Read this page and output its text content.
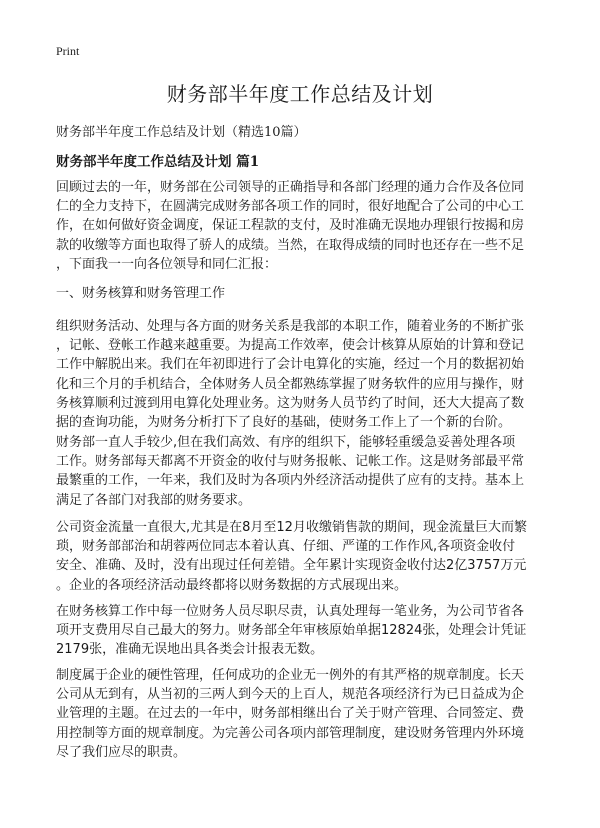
Print
财务部半年度工作总结及计划

财务部半年度工作总结及计划（精选10篇）

财务部半年度工作总结及计划 篇1

回顾过去的一年，财务部在公司领导的正确指导和各部门经理的通力合作及各位同
仁的全力支持下，在圆满完成财务部各项工作的同时，很好地配合了公司的中心工
作，在如何做好资金调度，保证工程款的支付，及时准确无误地办理银行按揭和房
款的收缴等方面也取得了骄人的成绩。当然，在取得成绩的同时也还存在一些不足
，下面我一一向各位领导和同仁汇报：

一、财务核算和财务管理工作

组织财务活动、处理与各方面的财务关系是我部的本职工作，随着业务的不断扩张
，记帐、登帐工作越来越重要。为提高工作效率，使会计核算从原始的计算和登记
工作中解脱出来。我们在年初即进行了会计电算化的实施，经过一个月的数据初始
化和三个月的手机结合，全体财务人员全都熟练掌握了财务软件的应用与操作，财
务核算顺利过渡到用电算化处理业务。这为财务人员节约了时间，还大大提高了数
据的查询功能，为财务分析打下了良好的基础，使财务工作上了一个新的台阶。

财务部一直人手较少,但在我们高效、有序的组织下，能够轻重缓急妥善处理各项
工作。财务部每天都离不开资金的收付与财务报帐、记帐工作。这是财务部最平常
最繁重的工作，一年来，我们及时为各项内外经济活动提供了应有的支持。基本上
满足了各部门对我部的财务要求。

公司资金流量一直很大,尤其是在8月至12月收缴销售款的期间，现金流量巨大而繁
琐，财务部部治和胡蓉两位同志本着认真、仔细、严谨的工作作风,各项资金收付
安全、准确、及时，没有出现过任何差错。全年累计实现资金收付达2亿3757万元
。企业的各项经济活动最终都将以财务数据的方式展现出来。

在财务核算工作中每一位财务人员尽职尽责，认真处理每一笔业务，为公司节省各
项开支费用尽自己最大的努力。财务部全年审核原始单据12824张，处理会计凭证
2179张，准确无误地出具各类会计报表无数。

制度属于企业的硬性管理，任何成功的企业无一例外的有其严格的规章制度。长天
公司从无到有，从当初的三两人到今天的上百人，规范各项经济行为已日益成为企
业管理的主题。在过去的一年中，财务部相继出台了关于财产管理、合同签定、费
用控制等方面的规章制度。为完善公司各项内部管理制度，建设财务管理内外环境
尽了我们应尽的职责。
